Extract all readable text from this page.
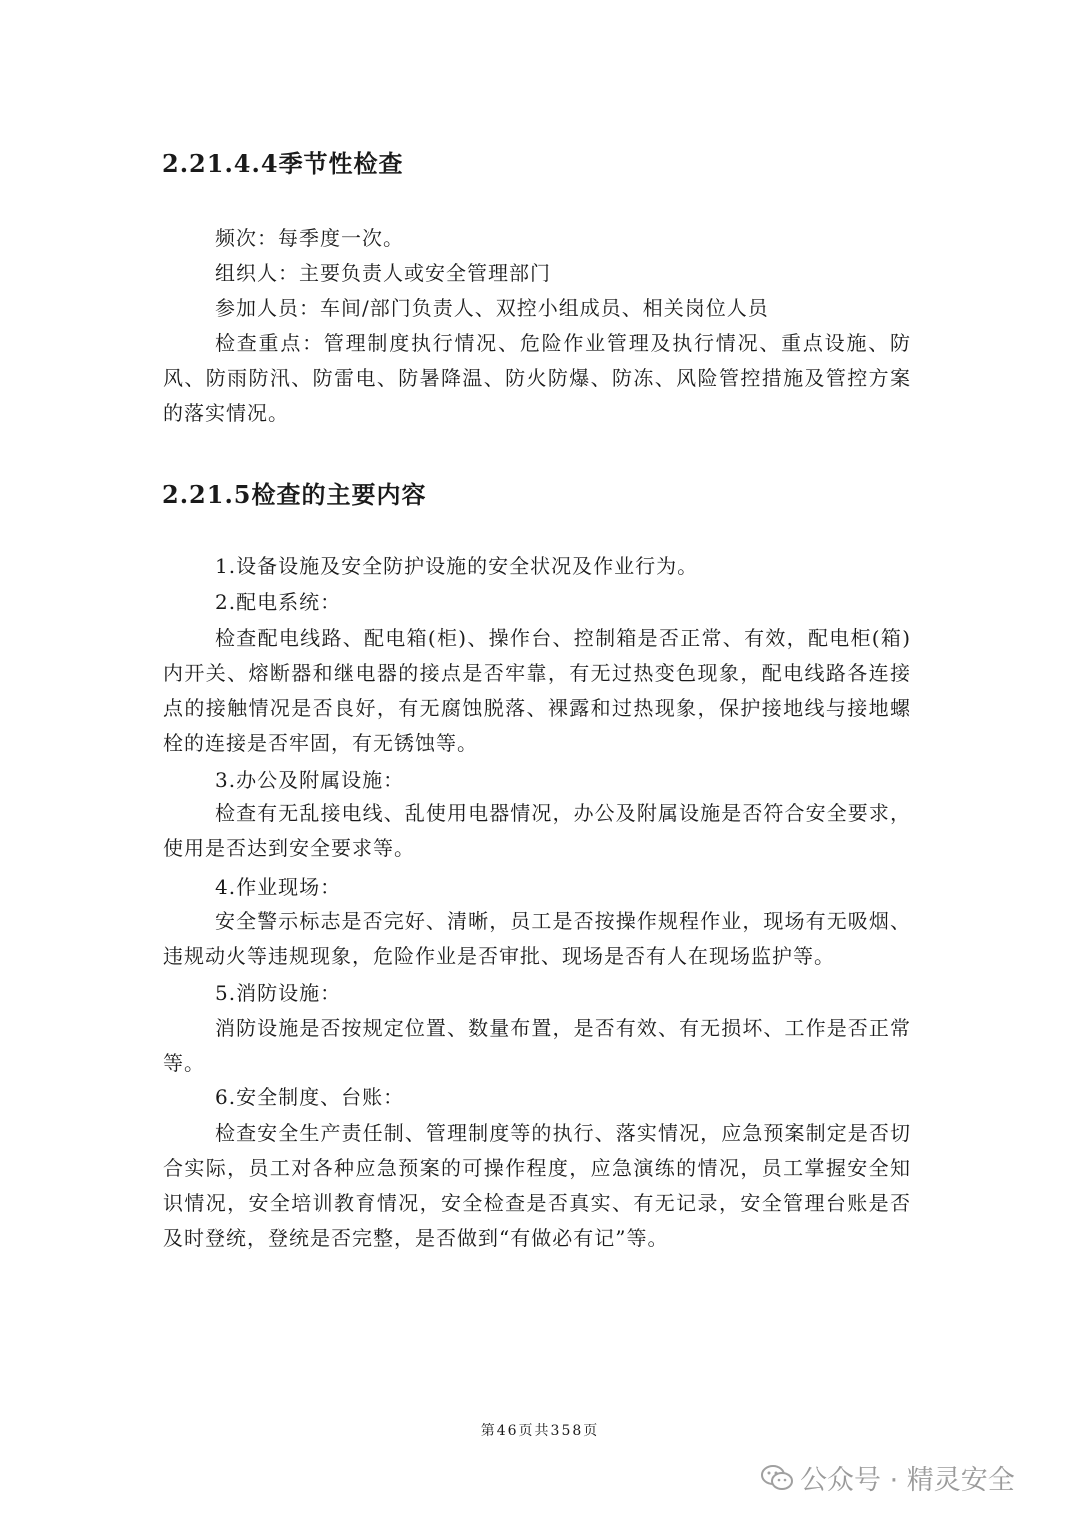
2.21.4.4季节性检查
频次：每季度一次。
组织人：主要负责人或安全管理部门
参加人员：车间/部门负责人、双控小组成员、相关岗位人员
检查重点：管理制度执行情况、危险作业管理及执行情况、重点设施、防风、防雨防汛、防雷电、防暑降温、防火防爆、防冻、风险管控措施及管控方案的落实情况。
2.21.5检查的主要内容
1.设备设施及安全防护设施的安全状况及作业行为。
2.配电系统：
检查配电线路、配电箱(柜)、操作台、控制箱是否正常、有效，配电柜(箱)内开关、熔断器和继电器的接点是否牢靠，有无过热变色现象，配电线路各连接点的接触情况是否良好，有无腐蚀脱落、裸露和过热现象，保护接地线与接地螺栓的连接是否牢固，有无锈蚀等。
3.办公及附属设施：
检查有无乱接电线、乱使用电器情况，办公及附属设施是否符合安全要求，使用是否达到安全要求等。
4.作业现场：
安全警示标志是否完好、清晰，员工是否按操作规程作业，现场有无吸烟、违规动火等违规现象，危险作业是否审批、现场是否有人在现场监护等。
5.消防设施：
消防设施是否按规定位置、数量布置，是否有效、有无损坏、工作是否正常等。
6.安全制度、台账：
检查安全生产责任制、管理制度等的执行、落实情况，应急预案制定是否切合实际，员工对各种应急预案的可操作程度，应急演练的情况，员工掌握安全知识情况，安全培训教育情况，安全检查是否真实、有无记录，安全管理台账是否及时登统，登统是否完整，是否做到“有做必有记”等。
第46页共358页
公众号 · 精灵安全
